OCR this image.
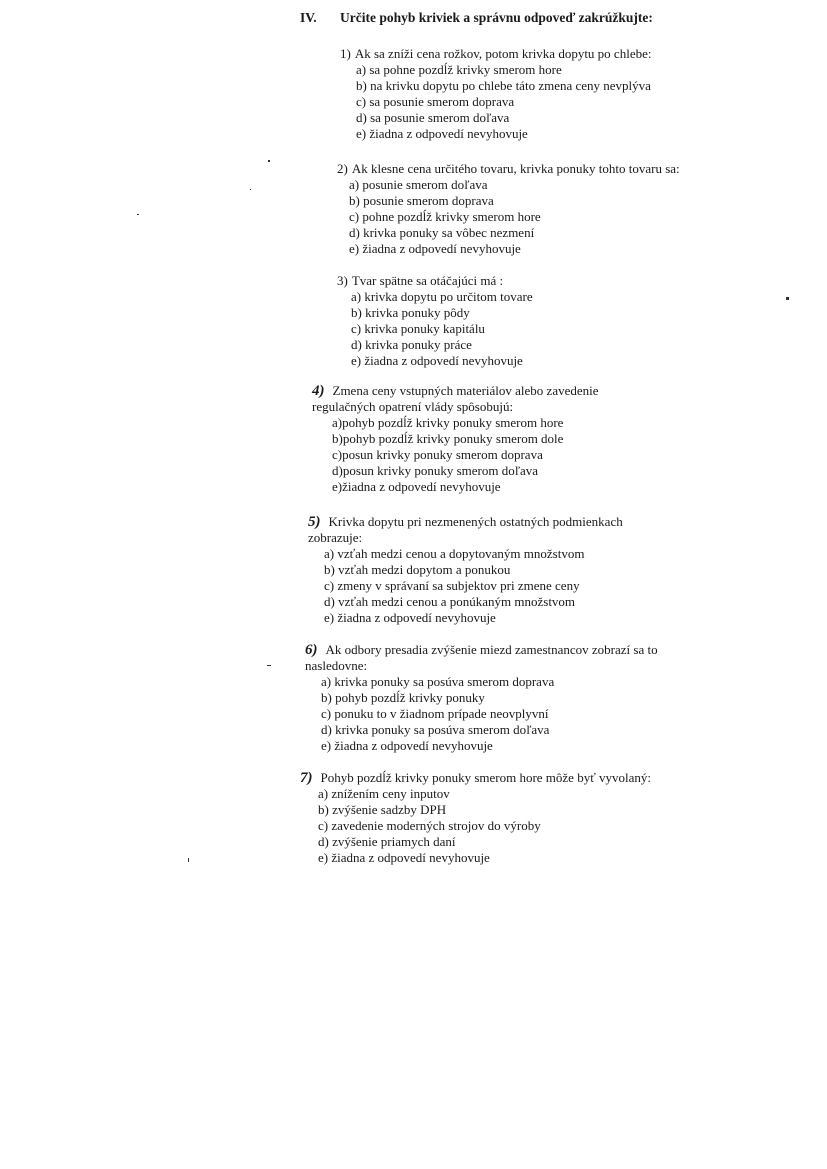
IV. Určite pohyb kriviek a správnu odpoveď zakrúžkujte:
1) Ak sa zníži cena rožkov, potom krivka dopytu po chlebe:
a) sa pohne pozdĺž krivky smerom hore
b) na krivku dopytu po chlebe táto zmena ceny nevplýva
c) sa posunie smerom doprava
d) sa posunie smerom doľava
e) žiadna z odpovedí nevyhovuje
2) Ak klesne cena určitého tovaru, krivka ponuky tohto tovaru sa:
a) posunie smerom doľava
b) posunie smerom doprava
c) pohne pozdĺž krivky smerom hore
d) krivka ponuky sa vôbec nezmení
e) žiadna z odpovedí nevyhovuje
3) Tvar spätne sa otáčajúci má :
a) krivka dopytu po určitom tovare
b) krivka ponuky pôdy
c) krivka ponuky kapitálu
d) krivka ponuky práce
e) žiadna z odpovedí nevyhovuje
4) Zmena ceny vstupných materiálov alebo zavedenie
regulačných opatrení vlády spôsobujú:
a)pohyb pozdĺž krivky ponuky smerom hore
b)pohyb pozdĺž krivky ponuky smerom dole
c)posun krivky ponuky smerom doprava
d)posun krivky ponuky smerom doľava
e)žiadna z odpovedí nevyhovuje
5) Krivka dopytu pri nezmenených ostatných podmienkach
zobrazuje:
a) vzťah medzi cenou a dopytovaným množstvom
b) vzťah medzi dopytom a ponukou
c) zmeny v správaní sa subjektov pri zmene ceny
d) vzťah medzi cenou a ponúkaným množstvom
e) žiadna z odpovedí nevyhovuje
6) Ak odbory presadia zvýšenie miezd zamestnancov zobrazí sa to
nasledovne:
a) krivka ponuky sa posúva smerom doprava
b) pohyb pozdĺž krivky ponuky
c) ponuku to v žiadnom prípade neovplyvní
d) krivka ponuky sa posúva smerom doľava
e) žiadna z odpovedí nevyhovuje
7) Pohyb pozdĺž krivky ponuky smerom hore môže byť vyvolaný:
a) znížením ceny inputov
b) zvýšenie sadzby DPH
c) zavedenie moderných strojov do výroby
d) zvýšenie priamych daní
e) žiadna z odpovedí nevyhovuje
